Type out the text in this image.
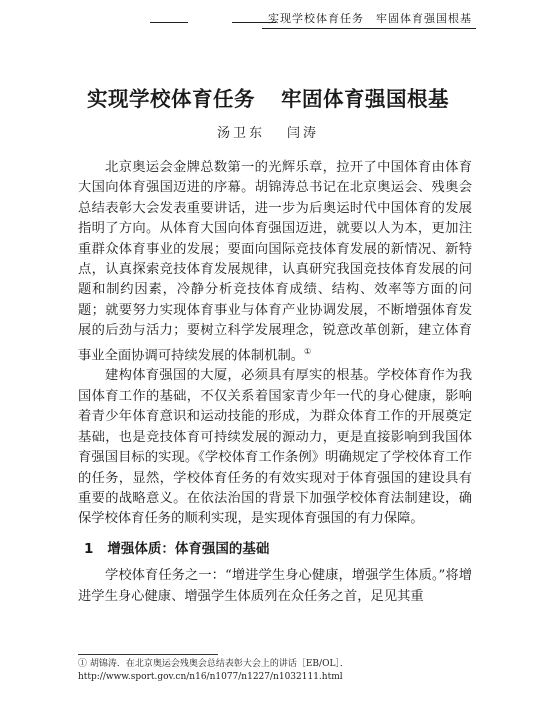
实现学校体育任务　牢固体育强国根基
实现学校体育任务 牢固体育强国根基
汤卫东 闫涛

北京奥运会金牌总数第一的光辉乐章，拉开了中国体育由体育大国向体育强国迈进的序幕。胡锦涛总书记在北京奥运会、残奥会总结表彰大会发表重要讲话，进一步为后奥运时代中国体育的发展指明了方向。从体育大国向体育强国迈进，就要以人为本，更加注重群众体育事业的发展；要面向国际竞技体育发展的新情况、新特点，认真探索竞技体育发展规律，认真研究我国竞技体育发展的问题和制约因素，冷静分析竞技体育成绩、结构、效率等方面的问题；就要努力实现体育事业与体育产业协调发展，不断增强体育发展的后劲与活力；要树立科学发展理念，锐意改革创新，建立体育事业全面协调可持续发展的体制机制。①

建构体育强国的大厦，必须具有厚实的根基。学校体育作为我国体育工作的基础，不仅关系着国家青少年一代的身心健康，影响着青少年体育意识和运动技能的形成，为群众体育工作的开展奠定基础，也是竞技体育可持续发展的源动力，更是直接影响到我国体育强国目标的实现。《学校体育工作条例》明确规定了学校体育工作的任务，显然，学校体育任务的有效实现对于体育强国的建设具有重要的战略意义。在依法治国的背景下加强学校体育法制建设，确保学校体育任务的顺利实现，是实现体育强国的有力保障。

1 增强体质：体育强国的基础

学校体育任务之一：“增进学生身心健康，增强学生体质。”将增进学生身心健康、增强学生体质列在众任务之首，足见其重

① 胡锦涛．在北京奥运会残奥会总结表彰大会上的讲话［EB/OL］．http://www.sport.gov.cn/n16/n1077/n1227/n1032111.html
